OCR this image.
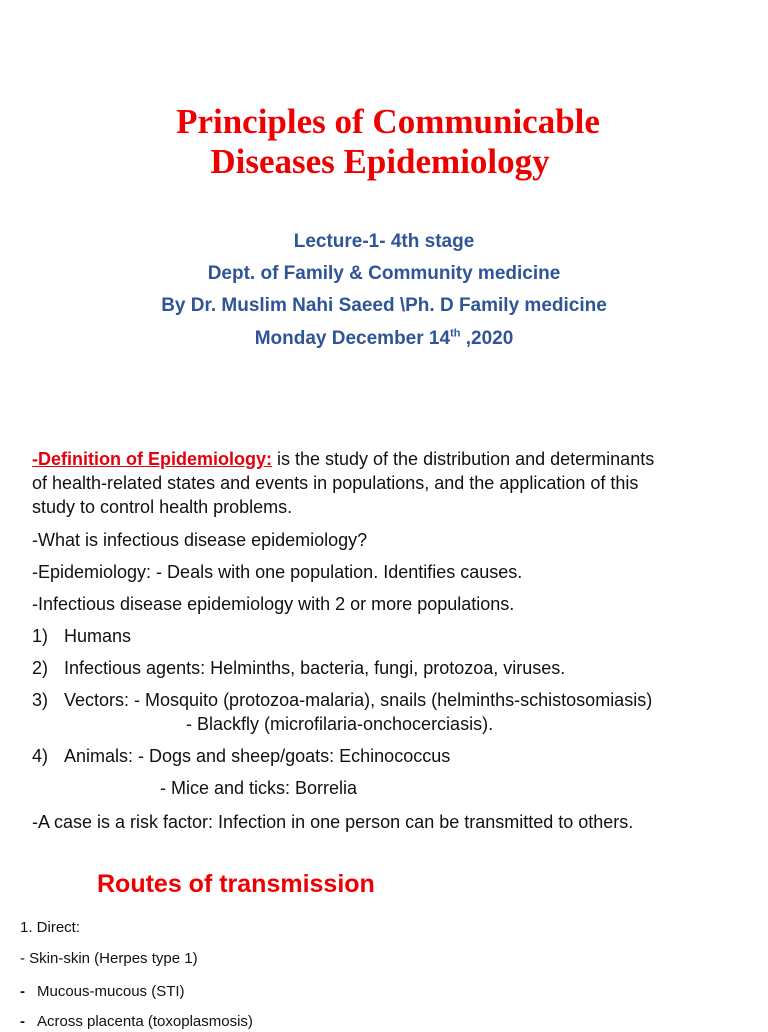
Principles of Communicable
Diseases Epidemiology
Lecture-1- 4th stage
Dept. of Family & Community medicine
By Dr. Muslim Nahi Saeed \Ph. D Family medicine
Monday December 14th ,2020
-Definition of Epidemiology: is the study of the distribution and determinants
of health-related states and events in populations, and the application of this
study to control health problems.
-What is infectious disease epidemiology?
-Epidemiology: - Deals with one population. Identifies causes.
-Infectious disease epidemiology with 2 or more populations.
1) Humans
2) Infectious agents: Helminths, bacteria, fungi, protozoa, viruses.
3) Vectors: - Mosquito (protozoa-malaria), snails (helminths-schistosomiasis)
- Blackfly (microfilaria-onchocerciasis).
4) Animals: - Dogs and sheep/goats: Echinococcus
- Mice and ticks: Borrelia
-A case is a risk factor: Infection in one person can be transmitted to others.
Routes of transmission
1. Direct:
- Skin-skin (Herpes type 1)
- Mucous-mucous (STI)
- Across placenta (toxoplasmosis)
